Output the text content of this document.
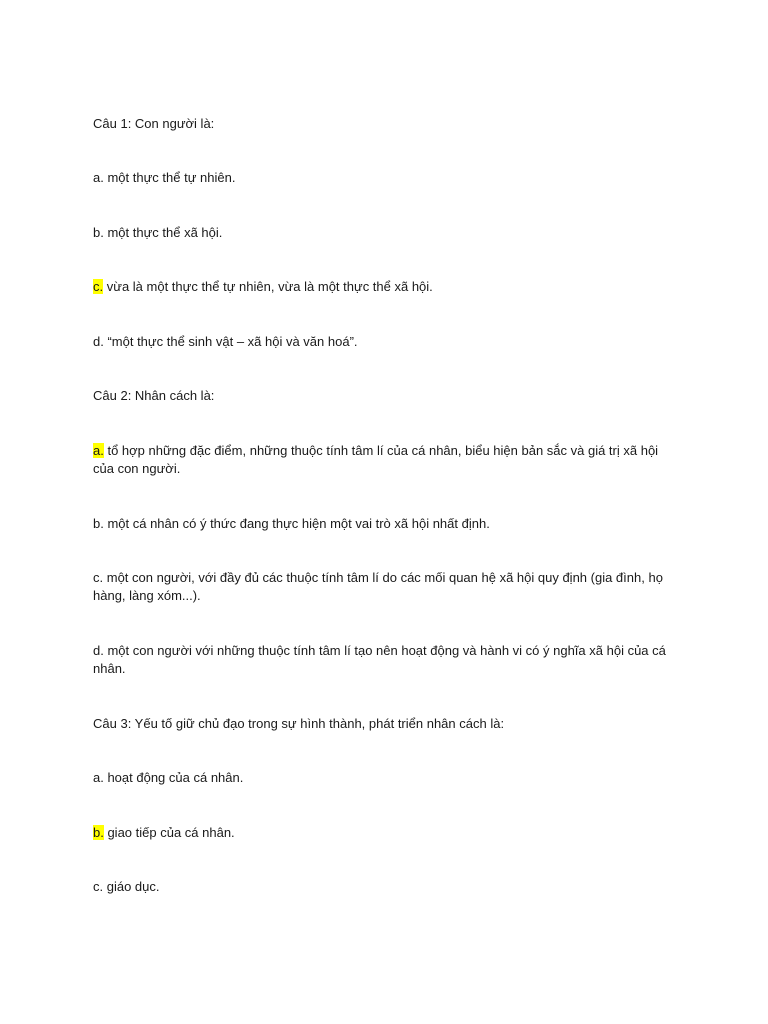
Câu 1: Con người là:

a. một thực thể tự nhiên.

b. một thực thể xã hội.

c. vừa là một thực thể tự nhiên, vừa là một thực thể xã hội.

d. “một thực thể sinh vật – xã hội và văn hoá”.

Câu 2: Nhân cách là:

a. tổ hợp những đặc điểm, những thuộc tính tâm lí của cá nhân, biểu hiện bản sắc và giá trị xã hội của con người.

b. một cá nhân có ý thức đang thực hiện một vai trò xã hội nhất định.

c. một con người, với đầy đủ các thuộc tính tâm lí do các mối quan hệ xã hội quy định (gia đình, họ hàng, làng xóm...).

d. một con người với những thuộc tính tâm lí tạo nên hoạt động và hành vi có ý nghĩa xã hội của cá nhân.

Câu 3: Yếu tố giữ chủ đạo trong sự hình thành, phát triển nhân cách là:

a. hoạt động của cá nhân.

b. giao tiếp của cá nhân.

c. giáo dục.
